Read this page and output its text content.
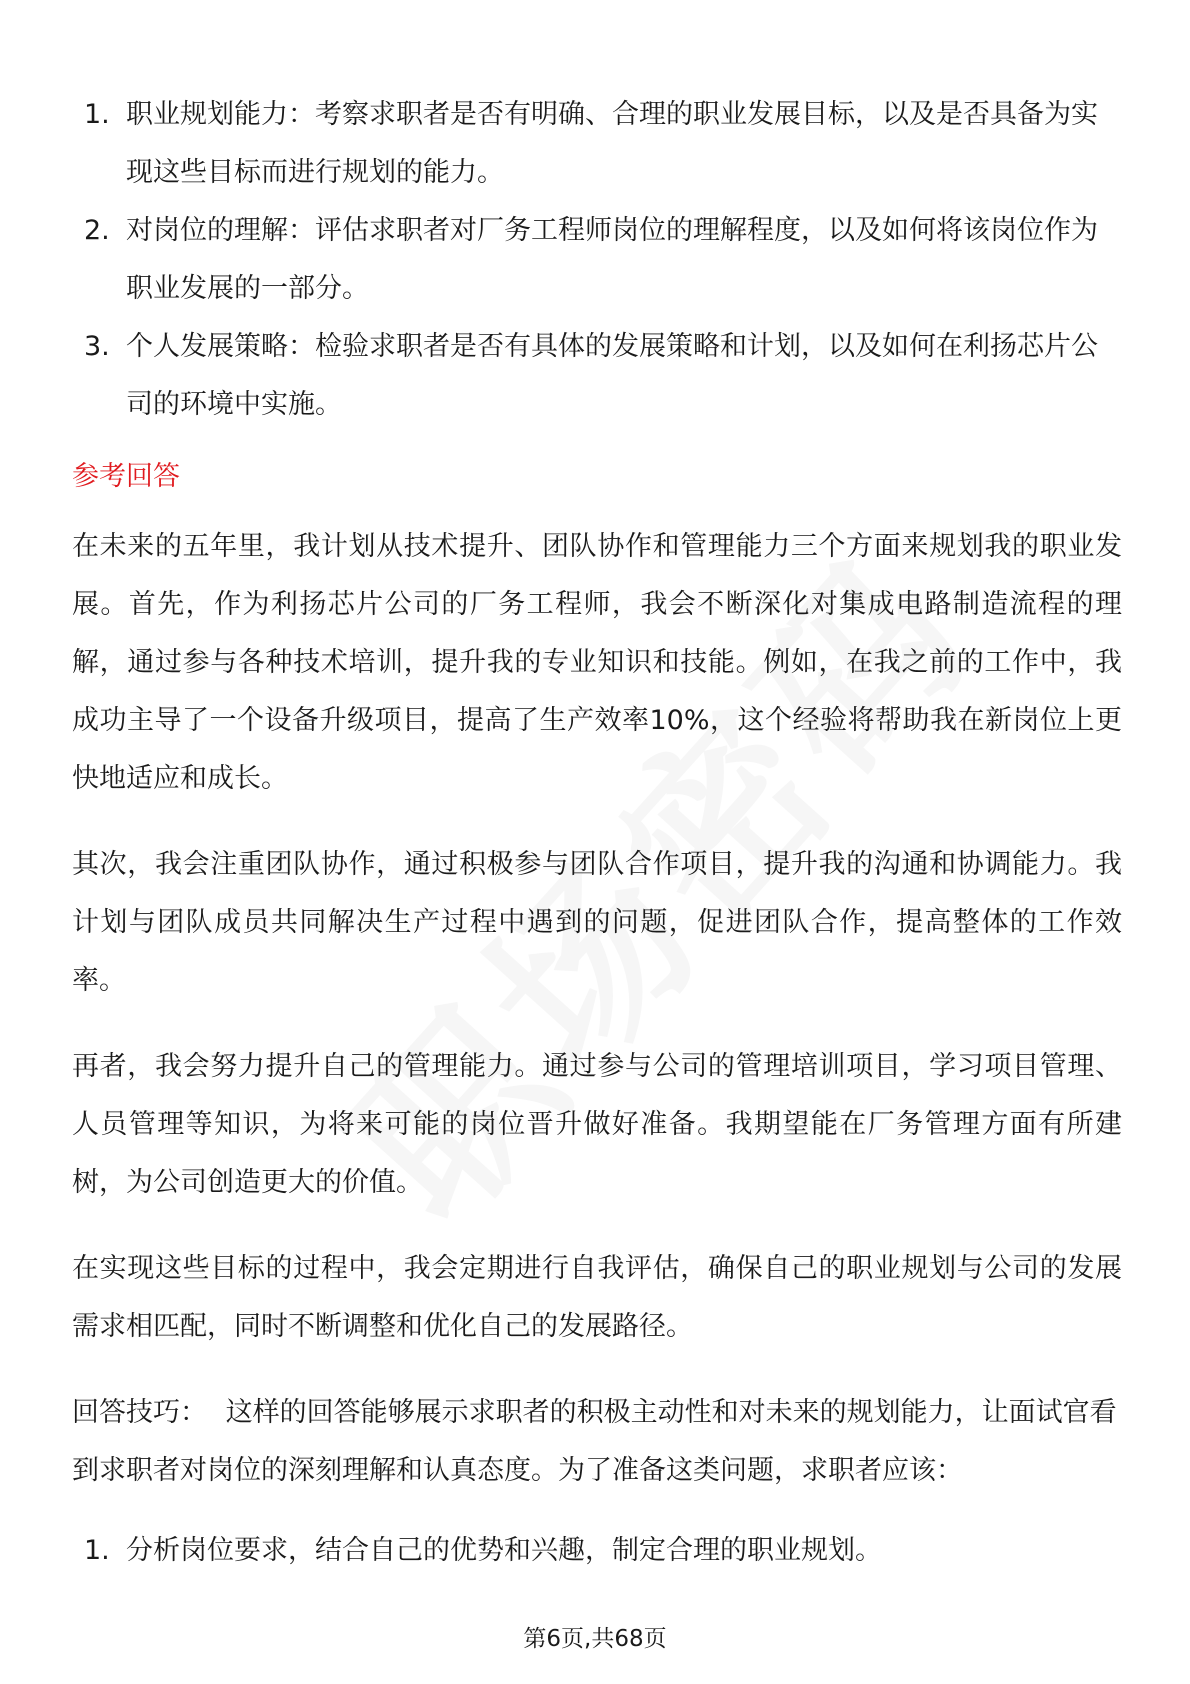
1. 职业规划能力：考察求职者是否有明确、合理的职业发展目标，以及是否具备为实现这些目标而进行规划的能力。
2. 对岗位的理解：评估求职者对厂务工程师岗位的理解程度，以及如何将该岗位作为职业发展的一部分。
3. 个人发展策略：检验求职者是否有具体的发展策略和计划，以及如何在利扬芯片公司的环境中实施。
参考回答

在未来的五年里，我计划从技术提升、团队协作和管理能力三个方面来规划我的职业发展。首先，作为利扬芯片公司的厂务工程师，我会不断深化对集成电路制造流程的理解，通过参与各种技术培训，提升我的专业知识和技能。例如，在我之前的工作中，我成功主导了一个设备升级项目，提高了生产效率10%，这个经验将帮助我在新岗位上更快地适应和成长。

其次，我会注重团队协作，通过积极参与团队合作项目，提升我的沟通和协调能力。我计划与团队成员共同解决生产过程中遇到的问题，促进团队合作，提高整体的工作效率。

再者，我会努力提升自己的管理能力。通过参与公司的管理培训项目，学习项目管理、人员管理等知识，为将来可能的岗位晋升做好准备。我期望能在厂务管理方面有所建树，为公司创造更大的价值。

在实现这些目标的过程中，我会定期进行自我评估，确保自己的职业规划与公司的发展需求相匹配，同时不断调整和优化自己的发展路径。

回答技巧： 这样的回答能够展示求职者的积极主动性和对未来的规划能力，让面试官看到求职者对岗位的深刻理解和认真态度。为了准备这类问题，求职者应该：

1. 分析岗位要求，结合自己的优势和兴趣，制定合理的职业规划。
第6页,共68页
